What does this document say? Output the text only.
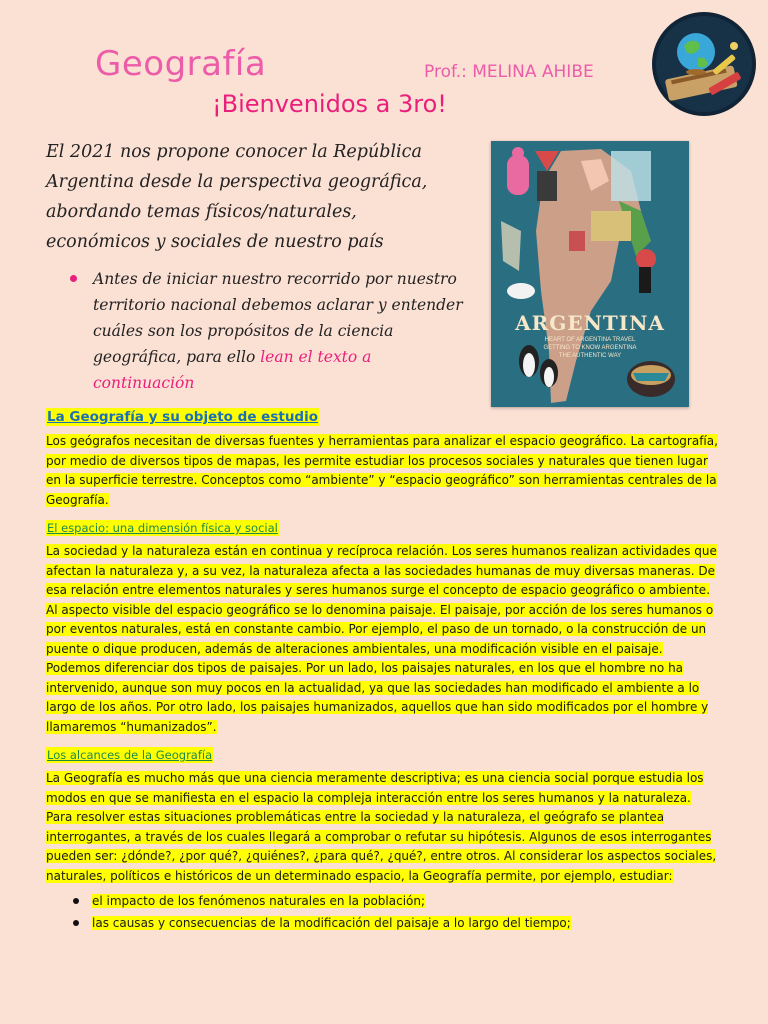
Geografía	Prof.: MELINA AHIBE
¡Bienvenidos a 3ro!
El 2021 nos propone conocer la República Argentina desde la perspectiva geográfica, abordando temas físicos/naturales, económicos y sociales de nuestro país
Antes de iniciar nuestro recorrido por nuestro territorio nacional debemos aclarar y entender cuáles son los propósitos de la ciencia geográfica, para ello lean el texto a continuación
ARGENTINA
HEART OF ARGENTINA TRAVEL
GETTING TO KNOW ARGENTINA
THE AUTHENTIC WAY
La Geografía y su objeto de estudio

Los geógrafos necesitan de diversas fuentes y herramientas para analizar el espacio geográfico. La cartografía, por medio de diversos tipos de mapas, les permite estudiar los procesos sociales y naturales que tienen lugar en la superficie terrestre. Conceptos como “ambiente” y “espacio geográfico” son herramientas centrales de la Geografía.

El espacio: una dimensión física y social

La sociedad y la naturaleza están en continua y recíproca relación. Los seres humanos realizan actividades que afectan la naturaleza y, a su vez, la naturaleza afecta a las sociedades humanas de muy diversas maneras. De esa relación entre elementos naturales y seres humanos surge el concepto de espacio geográfico o ambiente. Al aspecto visible del espacio geográfico se lo denomina paisaje. El paisaje, por acción de los seres humanos o por eventos naturales, está en constante cambio. Por ejemplo, el paso de un tornado, o la construcción de un puente o dique producen, además de alteraciones ambientales, una modificación visible en el paisaje. Podemos diferenciar dos tipos de paisajes. Por un lado, los paisajes naturales, en los que el hombre no ha intervenido, aunque son muy pocos en la actualidad, ya que las sociedades han modificado el ambiente a lo largo de los años. Por otro lado, los paisajes humanizados, aquellos que han sido modificados por el hombre y llamaremos “humanizados”.

Los alcances de la Geografía

La Geografía es mucho más que una ciencia meramente descriptiva; es una ciencia social porque estudia los modos en que se manifiesta en el espacio la compleja interacción entre los seres humanos y la naturaleza. Para resolver estas situaciones problemáticas entre la sociedad y la naturaleza, el geógrafo se plantea interrogantes, a través de los cuales llegará a comprobar o refutar su hipótesis. Algunos de esos interrogantes pueden ser: ¿dónde?, ¿por qué?, ¿quiénes?, ¿para qué?, ¿qué?, entre otros. Al considerar los aspectos sociales, naturales, políticos e históricos de un determinado espacio, la Geografía permite, por ejemplo, estudiar:

el impacto de los fenómenos naturales en la población;
las causas y consecuencias de la modificación del paisaje a lo largo del tiempo;
